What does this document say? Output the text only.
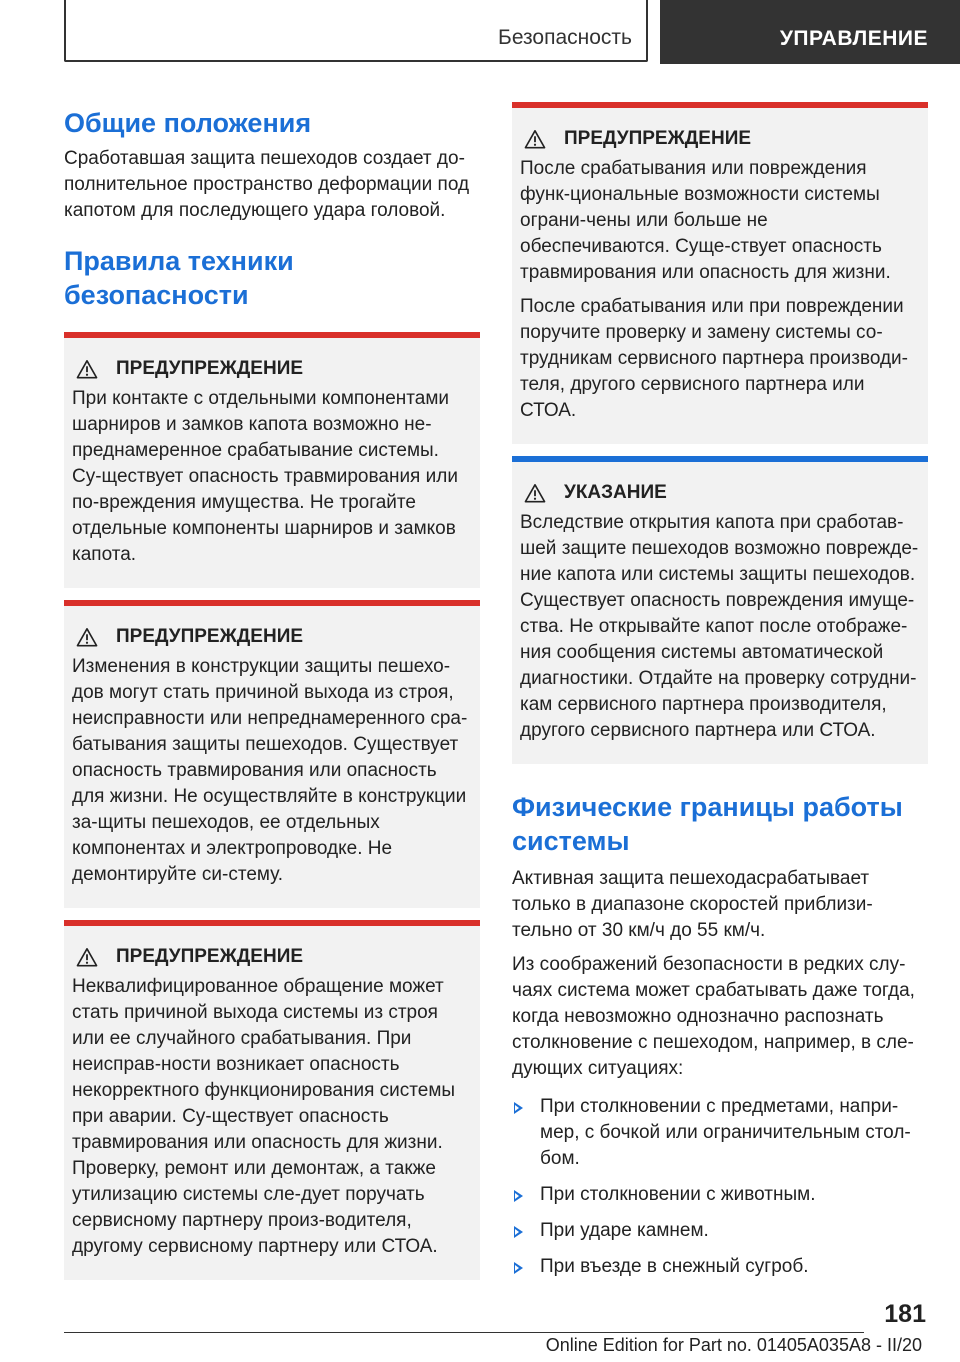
Безопасность	УПРАВЛЕНИЕ
Общие положения

Сработавшая защита пешеходов создает до-полнительное пространство деформации под капотом для последующего удара головой.

Правила техники безопасности
ПРЕДУПРЕЖДЕНИЕ

При контакте с отдельными компонентами шарниров и замков капота возможно не-преднамеренное срабатывание системы. Су-ществует опасность травмирования или по-вреждения имущества. Не трогайте отдельные компоненты шарниров и замков капота.

ПРЕДУПРЕЖДЕНИЕ

Изменения в конструкции защиты пешехо-дов могут стать причиной выхода из строя, неисправности или непреднамеренного сра-батывания защиты пешеходов. Существует опасность травмирования или опасность для жизни. Не осуществляйте в конструкции за-щиты пешеходов, ее отдельных компонентах и электропроводке. Не демонтируйте си-стему.

ПРЕДУПРЕЖДЕНИЕ

Неквалифицированное обращение может стать причиной выхода системы из строя или ее случайного срабатывания. При неисправ-ности возникает опасность некорректного функционирования системы при аварии. Су-ществует опасность травмирования или опасность для жизни. Проверку, ремонт или демонтаж, а также утилизацию системы сле-дует поручать сервисному партнеру произ-водителя, другому сервисному партнеру или СТОА.

ПРЕДУПРЕЖДЕНИЕ

После срабатывания или повреждения функ-циональные возможности системы ограни-чены или больше не обеспечиваются. Суще-ствует опасность травмирования или опасность для жизни.

После срабатывания или при повреждении поручите проверку и замену системы со-трудникам сервисного партнера производи-теля, другого сервисного партнера или СТОА.

УКАЗАНИЕ

Вследствие открытия капота при сработав-шей защите пешеходов возможно поврежде-ние капота или системы защиты пешеходов. Существует опасность повреждения имуще-ства. Не открывайте капот после отображе-ния сообщения системы автоматической диагностики. Отдайте на проверку сотрудни-кам сервисного партнера производителя, другого сервисного партнера или СТОА.

Физические границы работы системы

Активная защита пешеходасрабатывает только в диапазоне скоростей приблизи-тельно от 30 км/ч до 55 км/ч.

Из соображений безопасности в редких слу-чаях система может срабатывать даже тогда, когда невозможно однозначно распознать столкновение с пешеходом, например, в сле-дующих ситуациях:

При столкновении с предметами, напри-мер, с бочкой или ограничительным стол-бом.
При столкновении с животным.
При ударе камнем.
При въезде в снежный сугроб.
181
Online Edition for Part no. 01405A035A8 - II/20
